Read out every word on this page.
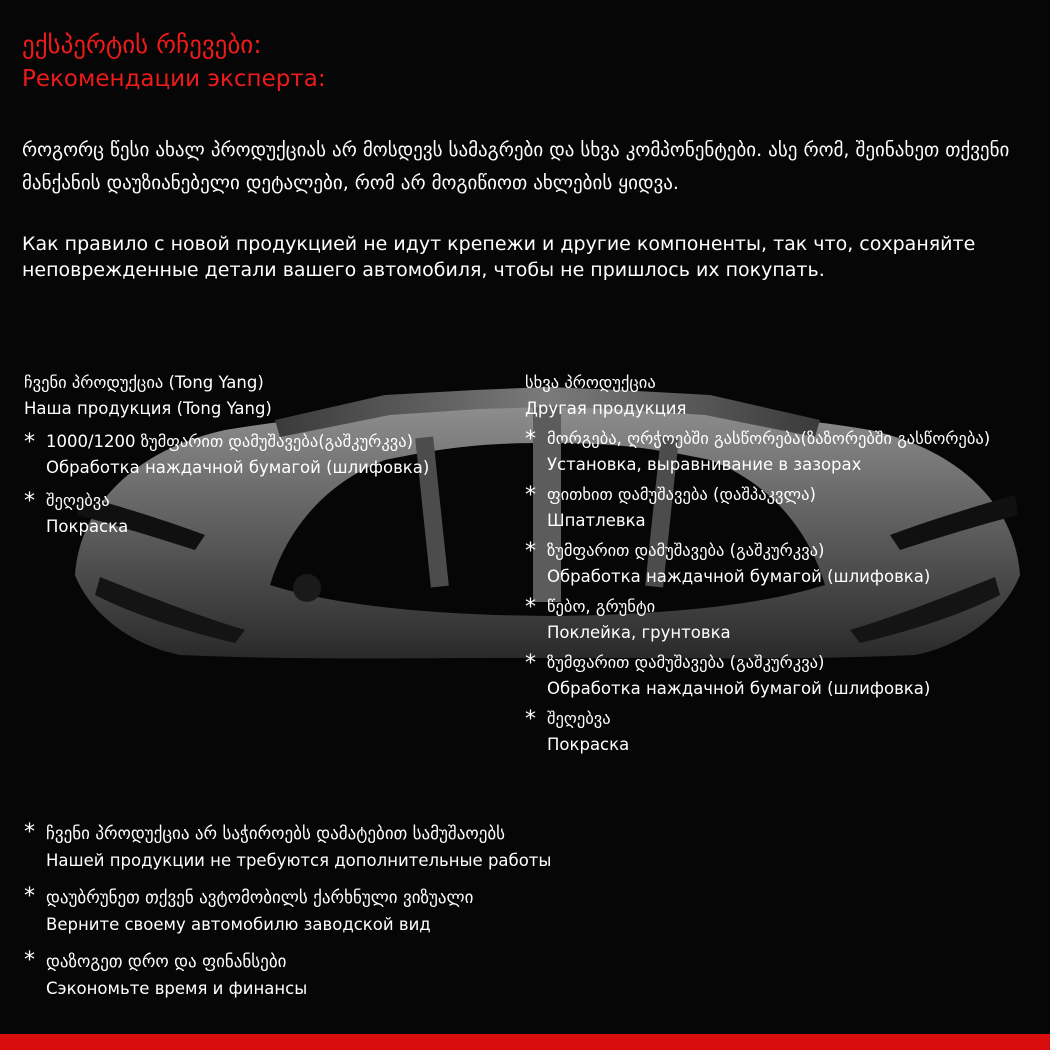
ექსპერტის რჩევები:
Рекомендации эксперта:
როგორც წესი ახალ პროდუქციას არ მოსდევს სამაგრები და სხვა კომპონენტები. ასე რომ, შეინახეთ თქვენი მანქანის დაუზიანებელი დეტალები, რომ არ მოგიწიოთ ახლების ყიდვა.
Как правило с новой продукцией не идут крепежи и другие компоненты, так что, сохраняйте неповрежденные детали вашего автомобиля, чтобы не пришлось их покупать.
ჩვენი პროდუქცია (Tong Yang)
Наша продукция (Tong Yang)
* 1000/1200 ზუმფარით დამუშავება(გაშკურკვა)
Обработка наждачной бумагой (шлифовка)
* შეღებვა
Покраска
სხვა პროდუქცია
Другая продукция
* მორგება, ღრჭოებში გასწორება(ზაზორებში გასწორება)
Установка, выравнивание в зазорах
* ფითხით დამუშავება (დაშპაკვლა)
Шпатлевка
* ზუმფარით დამუშავება (გაშკურკვა)
Обработка наждачной бумагой (шлифовка)
* წებო, გრუნტი
Поклейка, грунтовка
* ზუმფარით დამუშავება (გაშკურკვა)
Обработка наждачной бумагой (шлифовка)
* შეღებვა
Покраска
* ჩვენი პროდუქცია არ საჭიროებს დამატებით სამუშაოებს
Нашей продукции не требуются дополнительные работы
* დაუბრუნეთ თქვენ ავტომობილს ქარხნული ვიზუალი
Верните своему автомобилю заводской вид
* დაზოგეთ დრო და ფინანსები
Сэкономьте время и финансы
